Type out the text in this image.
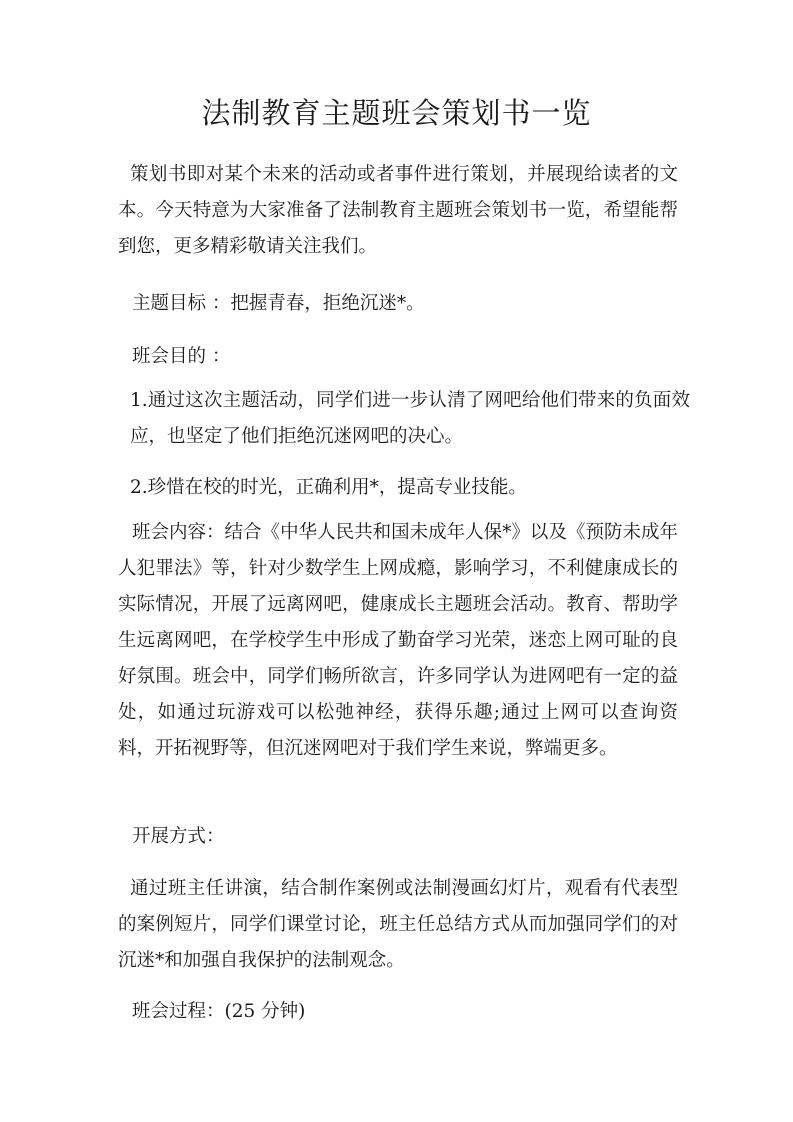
法制教育主题班会策划书一览

策划书即对某个未来的活动或者事件进行策划，并展现给读者的文本。今天特意为大家准备了法制教育主题班会策划书一览，希望能帮到您，更多精彩敬请关注我们。

主题目标 ：把握青春，拒绝沉迷*。

班会目的 ：

1.通过这次主题活动，同学们进一步认清了网吧给他们带来的负面效应，也坚定了他们拒绝沉迷网吧的决心。

2.珍惜在校的时光，正确利用*，提高专业技能。

班会内容：结合《中华人民共和国未成年人保*》以及《预防未成年人犯罪法》等，针对少数学生上网成瘾，影响学习，不利健康成长的实际情况，开展了远离网吧，健康成长主题班会活动。教育、帮助学生远离网吧，在学校学生中形成了勤奋学习光荣，迷恋上网可耻的良好氛围。班会中，同学们畅所欲言，许多同学认为进网吧有一定的益处，如通过玩游戏可以松弛神经，获得乐趣;通过上网可以查询资料，开拓视野等，但沉迷网吧对于我们学生来说，弊端更多。

开展方式：

通过班主任讲演，结合制作案例或法制漫画幻灯片，观看有代表型的案例短片，同学们课堂讨论，班主任总结方式从而加强同学们的对沉迷*和加强自我保护的法制观念。

班会过程：(25 分钟)
